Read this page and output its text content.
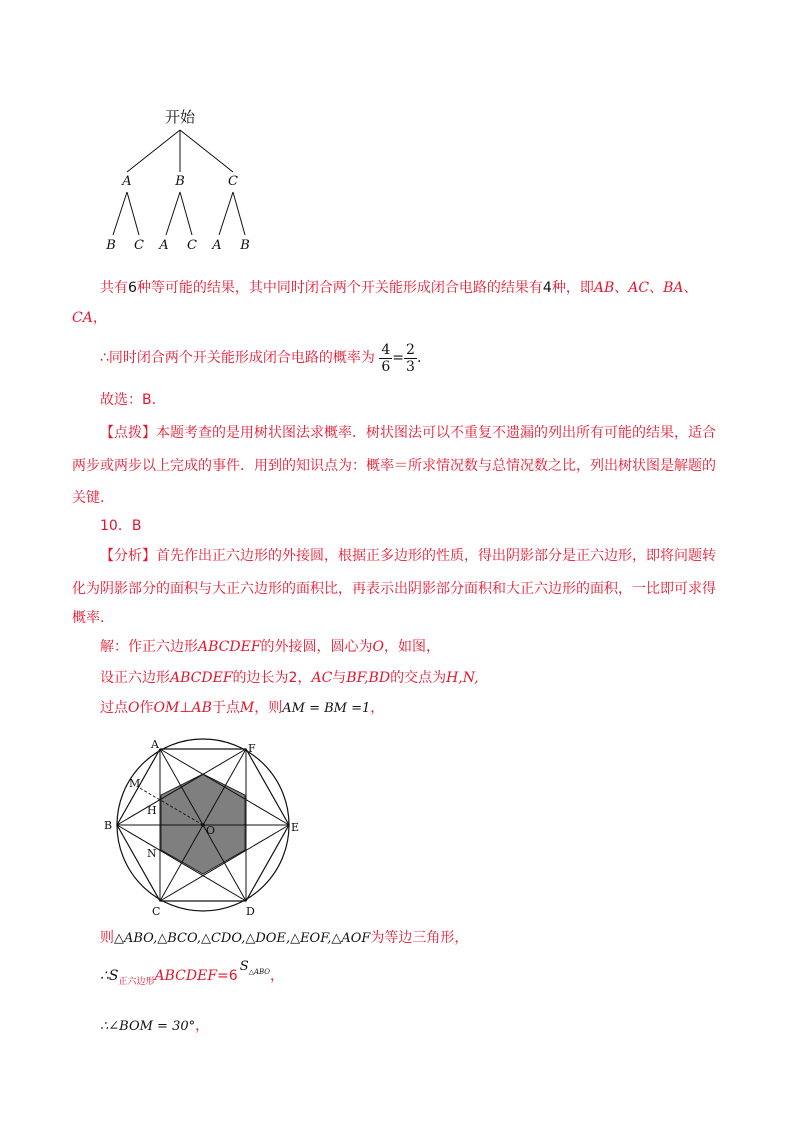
开始
A	B	C
B C A C A B
共有6种等可能的结果，其中同时闭合两个开关能形成闭合电路的结果有4种，即AB、AC、BA、
CA，
∴同时闭合两个开关能形成闭合电路的概率为 $\frac{4}{6} = \frac{2}{3}$ .
故选：B.
【点拨】本题考查的是用树状图法求概率．树状图法可以不重复不遗漏的列出所有可能的结果，适合
两步或两步以上完成的事件．用到的知识点为：概率＝所求情况数与总情况数之比，列出树状图是解题的
关键．
10．B
【分析】首先作出正六边形的外接圆，根据正多边形的性质，得出阴影部分是正六边形，即将问题转
化为阴影部分的面积与大正六边形的面积比，再表示出阴影部分面积和大正六边形的面积，一比即可求得
概率．
解：作正六边形ABCDEF的外接圆，圆心为O，如图，
设正六边形ABCDEF的边长为2，AC与BF,BD的交点为H,N,
过点O作OM⊥AB于点M，则AM = BM =1，
A	F
M
H
B	O	E
N
C	D
则△ABO,△BCO,△CDO,△DOE,△EOF,△AOF为等边三角形，
$\therefore S_{正六边形}ABCDEF=6S^{\triangle ABO}$，
∴∠BOM = 30°，
